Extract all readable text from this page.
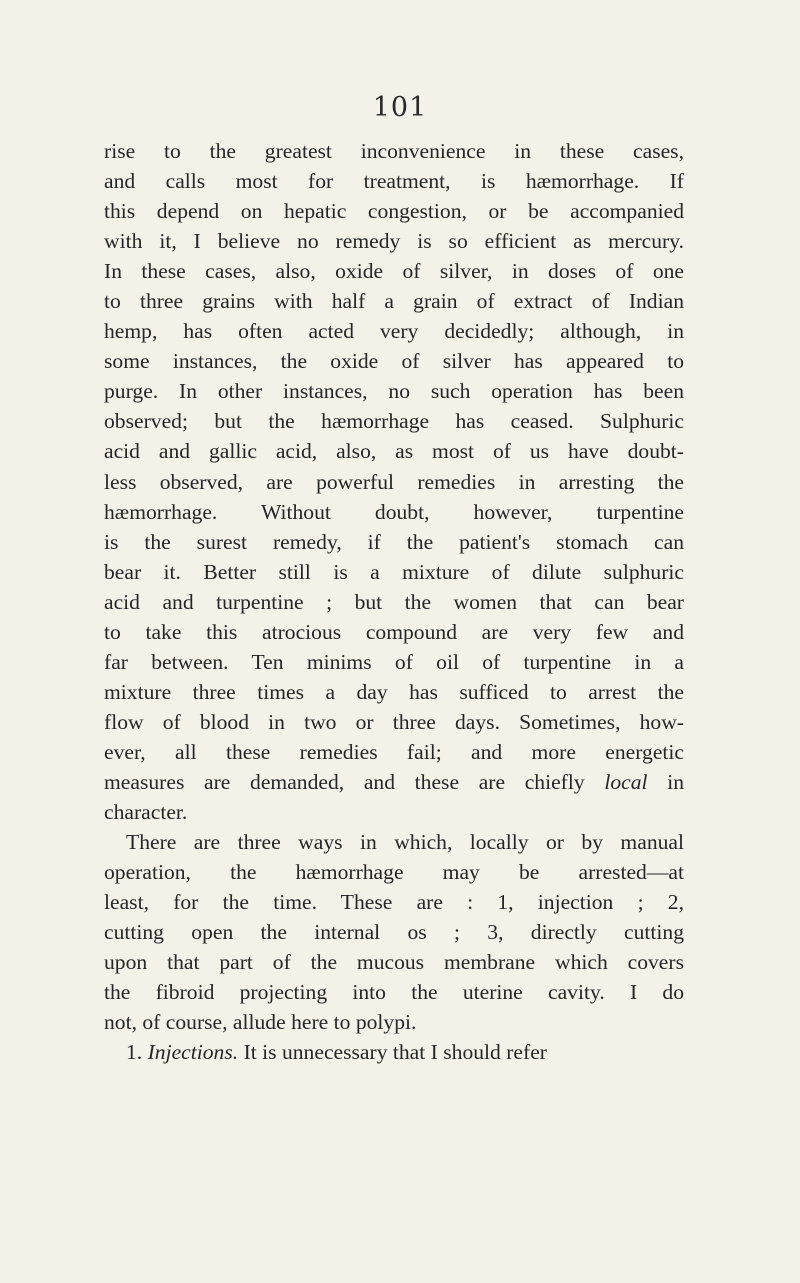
101
rise to the greatest inconvenience in these cases,
and calls most for treatment, is hæmorrhage. If
this depend on hepatic congestion, or be accompanied
with it, I believe no remedy is so efficient as mercury.
In these cases, also, oxide of silver, in doses of one
to three grains with half a grain of extract of Indian
hemp, has often acted very decidedly; although, in
some instances, the oxide of silver has appeared to
purge. In other instances, no such operation has been
observed; but the hæmorrhage has ceased. Sulphuric
acid and gallic acid, also, as most of us have doubt-
less observed, are powerful remedies in arresting the
hæmorrhage. Without doubt, however, turpentine
is the surest remedy, if the patient's stomach can
bear it. Better still is a mixture of dilute sulphuric
acid and turpentine ; but the women that can bear
to take this atrocious compound are very few and
far between. Ten minims of oil of turpentine in a
mixture three times a day has sufficed to arrest the
flow of blood in two or three days. Sometimes, how-
ever, all these remedies fail; and more energetic
measures are demanded, and these are chiefly local in
character.
There are three ways in which, locally or by manual
operation, the hæmorrhage may be arrested—at
least, for the time. These are : 1, injection ; 2,
cutting open the internal os ; 3, directly cutting
upon that part of the mucous membrane which covers
the fibroid projecting into the uterine cavity. I do
not, of course, allude here to polypi.
1. Injections. It is unnecessary that I should refer
